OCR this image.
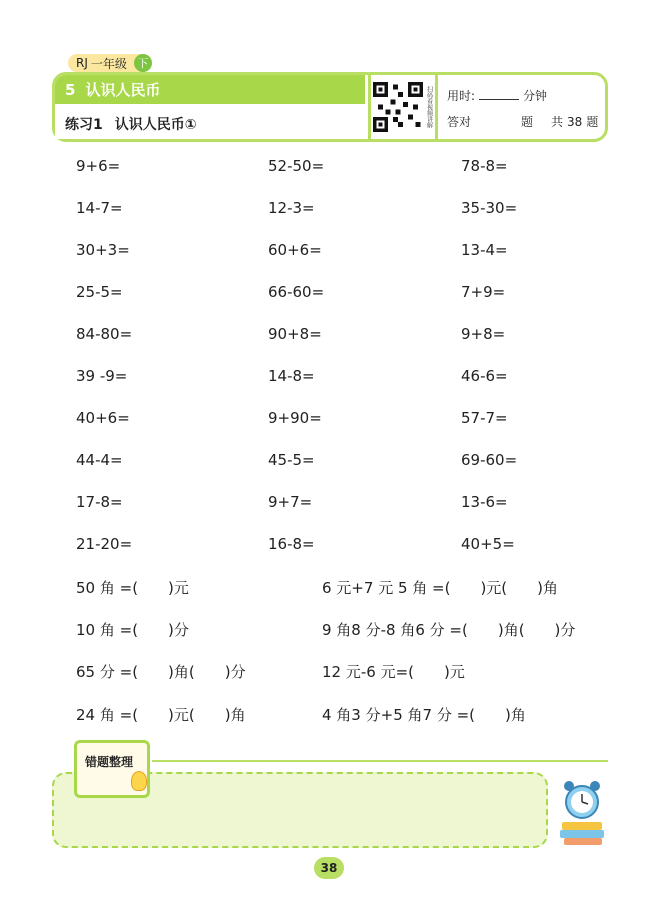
RJ 一年级 下
5 认识人民币
练习1 认识人民币①	扫码看视频讲解 用时:	分钟
答对	题 共 38 题
9+6=	52-50=	78-8=
14-7=	12-3=	35-30=
30+3=	60+6=	13-4=
25-5=	66-60=	7+9=
84-80=	90+8=	9+8=
39 -9=	14-8=	46-6=
40+6=	9+90=	57-7=
44-4=	45-5=	69-60=
17-8=	9+7=	13-6=
21-20=	16-8=	40+5=
50 角 =(　　)元	6 元+7 元 5 角 =(　　)元(　　)角
10 角 =(　　)分	9 角8 分-8 角6 分 =(　　)角(　　)分
65 分 =(　　)角(　　)分	12 元-6 元=(　　)元
24 角 =(　　)元(　　)角	4 角3 分+5 角7 分 =(　　)角
错题整理
38
